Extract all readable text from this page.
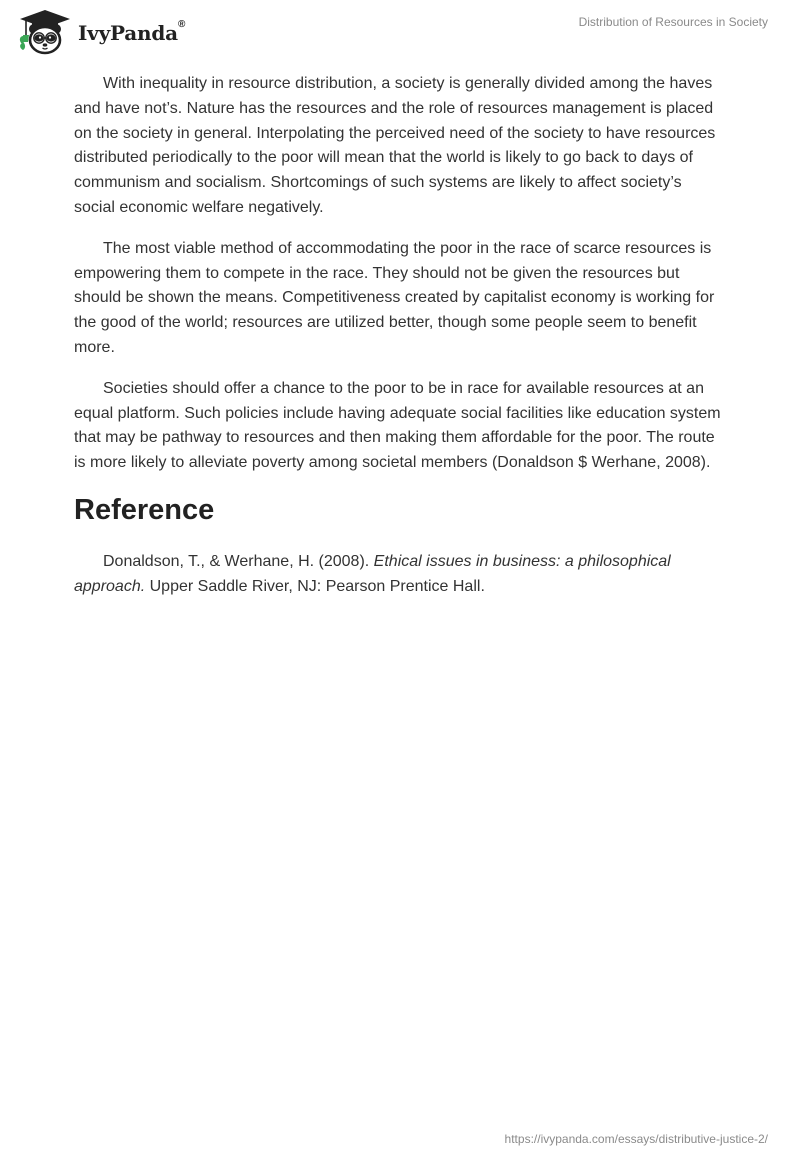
IvyPanda®	Distribution of Resources in Society

With inequality in resource distribution, a society is generally divided among the haves and have not’s. Nature has the resources and the role of resources management is placed on the society in general. Interpolating the perceived need of the society to have resources distributed periodically to the poor will mean that the world is likely to go back to days of communism and socialism. Shortcomings of such systems are likely to affect society’s social economic welfare negatively.

The most viable method of accommodating the poor in the race of scarce resources is empowering them to compete in the race. They should not be given the resources but should be shown the means. Competitiveness created by capitalist economy is working for the good of the world; resources are utilized better, though some people seem to benefit more.

Societies should offer a chance to the poor to be in race for available resources at an equal platform. Such policies include having adequate social facilities like education system that may be pathway to resources and then making them affordable for the poor. The route is more likely to alleviate poverty among societal members (Donaldson $ Werhane, 2008).

Reference

Donaldson, T., & Werhane, H. (2008). Ethical issues in business: a philosophical approach. Upper Saddle River, NJ: Pearson Prentice Hall.

https://ivypanda.com/essays/distributive-justice-2/
